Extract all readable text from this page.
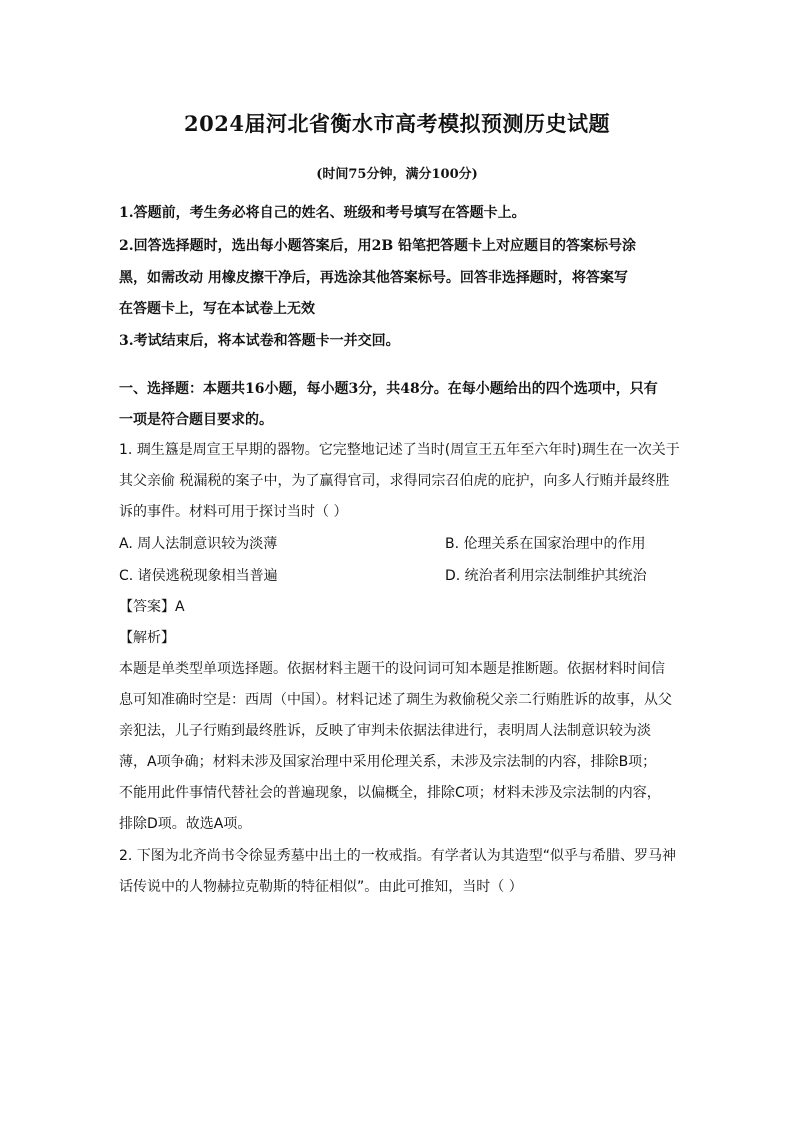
2024届河北省衡水市高考模拟预测历史试题
(时间75分钟，满分100分)
1.答题前，考生务必将自己的姓名、班级和考号填写在答题卡上。
2.回答选择题时，选出每小题答案后，用2B 铅笔把答题卡上对应题目的答案标号涂
黑，如需改动 用橡皮擦干净后，再选涂其他答案标号。回答非选择题时，将答案写
在答题卡上，写在本试卷上无效
3.考试结束后，将本试卷和答题卡一并交回。
一、选择题：本题共16小题，每小题3分，共48分。在每小题给出的四个选项中，只有
一项是符合题目要求的。
1. 琱生簋是周宣王早期的器物。它完整地记述了当时(周宣王五年至六年时)琱生在一次关于
其父亲偷 税漏税的案子中，为了赢得官司，求得同宗召伯虎的庇护，向多人行贿并最终胜
诉的事件。材料可用于探讨当时（ ）
A. 周人法制意识较为淡薄	B. 伦理关系在国家治理中的作用
C. 诸侯逃税现象相当普遍	D. 统治者利用宗法制维护其统治
【答案】A
【解析】
本题是单类型单项选择题。依据材料主题干的设问词可知本题是推断题。依据材料时间信
息可知准确时空是：西周（中国）。材料记述了琱生为救偷税父亲二行贿胜诉的故事，从父
亲犯法，儿子行贿到最终胜诉，反映了审判未依据法律进行，表明周人法制意识较为淡
薄，A项争确；材料未涉及国家治理中采用伦理关系，未涉及宗法制的内容，排除B项；
不能用此件事情代替社会的普遍现象，以偏概全，排除C项；材料未涉及宗法制的内容，
排除D项。故选A项。
2. 下图为北齐尚书令徐显秀墓中出土的一枚戒指。有学者认为其造型“似乎与希腊、罗马神
话传说中的人物赫拉克勒斯的特征相似”。由此可推知，当时（ ）
